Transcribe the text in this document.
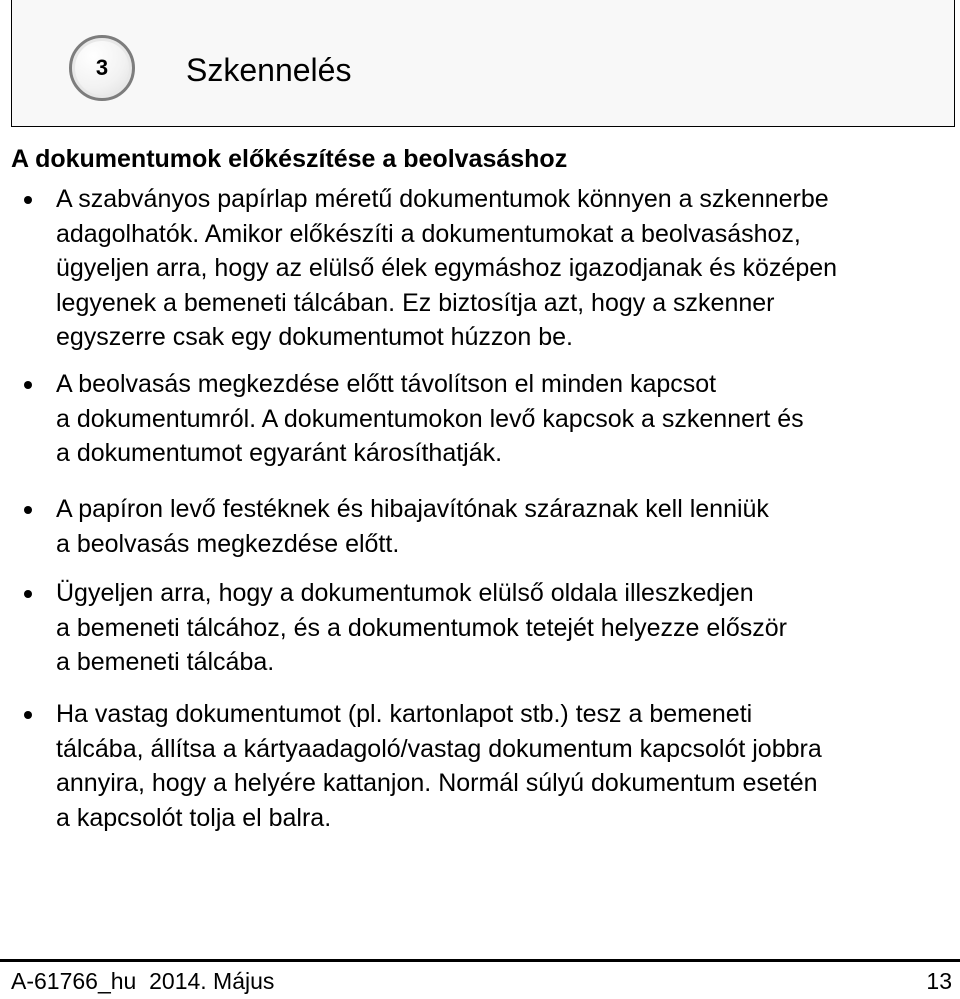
3	Szkennelés
A dokumentumok előkészítése a beolvasáshoz
A szabványos papírlap méretű dokumentumok könnyen a szkennerbe
adagolhatók. Amikor előkészíti a dokumentumokat a beolvasáshoz,
ügyeljen arra, hogy az elülső élek egymáshoz igazodjanak és középen
legyenek a bemeneti tálcában. Ez biztosítja azt, hogy a szkenner
egyszerre csak egy dokumentumot húzzon be.
A beolvasás megkezdése előtt távolítson el minden kapcsot
a dokumentumról. A dokumentumokon levő kapcsok a szkennert és
a dokumentumot egyaránt károsíthatják.
A papíron levő festéknek és hibajavítónak száraznak kell lenniük
a beolvasás megkezdése előtt.
Ügyeljen arra, hogy a dokumentumok elülső oldala illeszkedjen
a bemeneti tálcához, és a dokumentumok tetejét helyezze először
a bemeneti tálcába.
Ha vastag dokumentumot (pl. kartonlapot stb.) tesz a bemeneti
tálcába, állítsa a kártyaadagoló/vastag dokumentum kapcsolót jobbra
annyira, hogy a helyére kattanjon. Normál súlyú dokumentum esetén
a kapcsolót tolja el balra.
A-61766_hu  2014. Május	13
